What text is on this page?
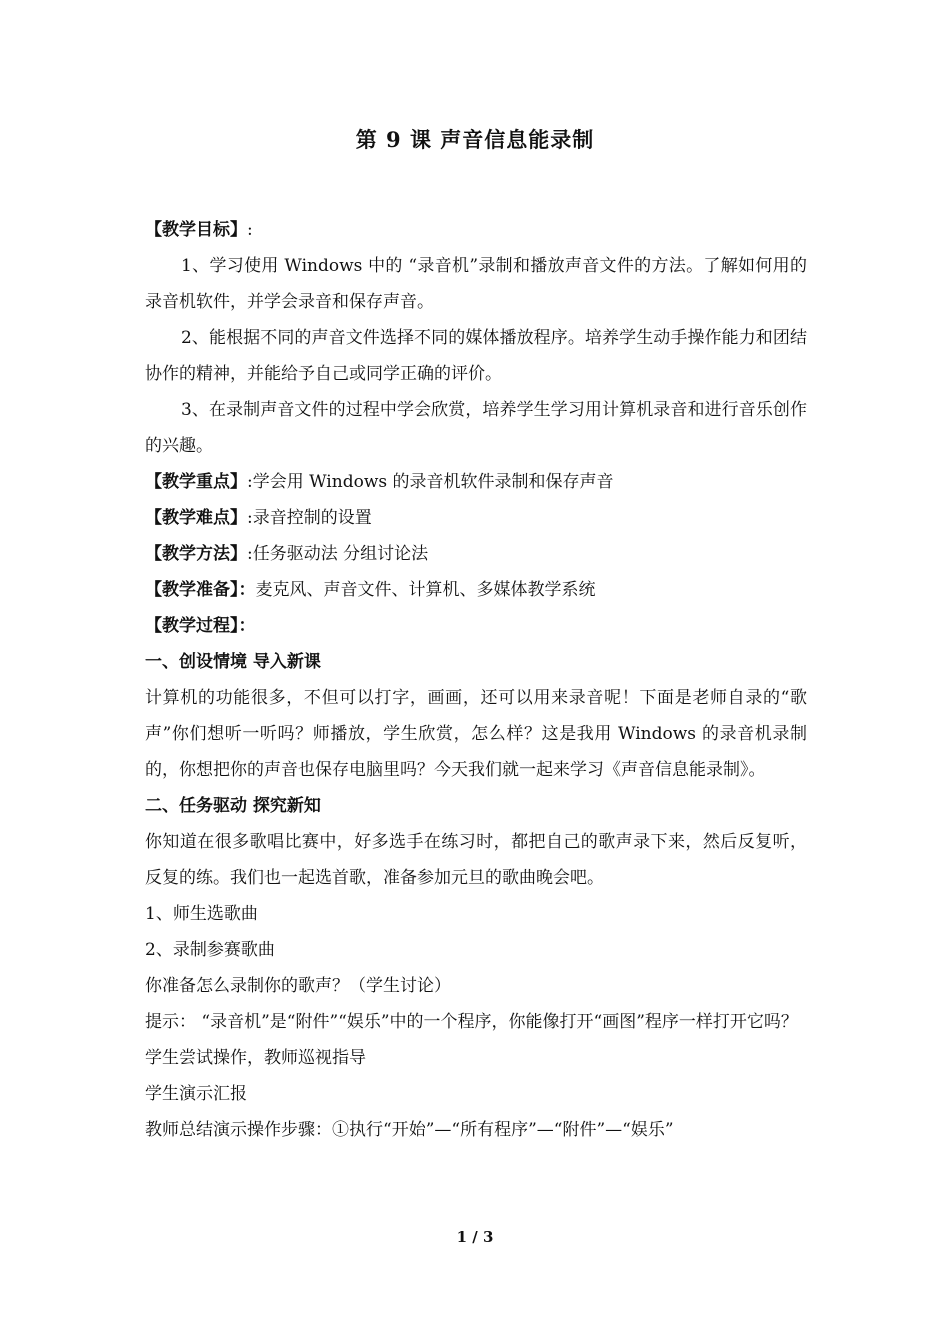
第 9 课 声音信息能录制
【教学目标】:
1、学习使用 Windows 中的 “录音机”录制和播放声音文件的方法。了解如何用的录音机软件，并学会录音和保存声音。
2、能根据不同的声音文件选择不同的媒体播放程序。培养学生动手操作能力和团结协作的精神，并能给予自己或同学正确的评价。
3、在录制声音文件的过程中学会欣赏，培养学生学习用计算机录音和进行音乐创作的兴趣。
【教学重点】:学会用 Windows 的录音机软件录制和保存声音
【教学难点】:录音控制的设置
【教学方法】:任务驱动法 分组讨论法
【教学准备】：麦克风、声音文件、计算机、多媒体教学系统
【教学过程】：
一、创设情境 导入新课
计算机的功能很多，不但可以打字，画画，还可以用来录音呢！下面是老师自录的“歌声”你们想听一听吗？师播放，学生欣赏，怎么样？这是我用 Windows 的录音机录制的，你想把你的声音也保存电脑里吗？今天我们就一起来学习《声音信息能录制》。
二、任务驱动 探究新知
你知道在很多歌唱比赛中，好多选手在练习时，都把自己的歌声录下来，然后反复听，反复的练。我们也一起选首歌，准备参加元旦的歌曲晚会吧。
1、师生选歌曲
2、录制参赛歌曲
你准备怎么录制你的歌声？（学生讨论）
提示： “录音机”是“附件”“娱乐”中的一个程序，你能像打开“画图”程序一样打开它吗？
学生尝试操作，教师巡视指导
学生演示汇报
教师总结演示操作步骤：①执行“开始”—“所有程序”—“附件”—“娱乐”
1 / 3
